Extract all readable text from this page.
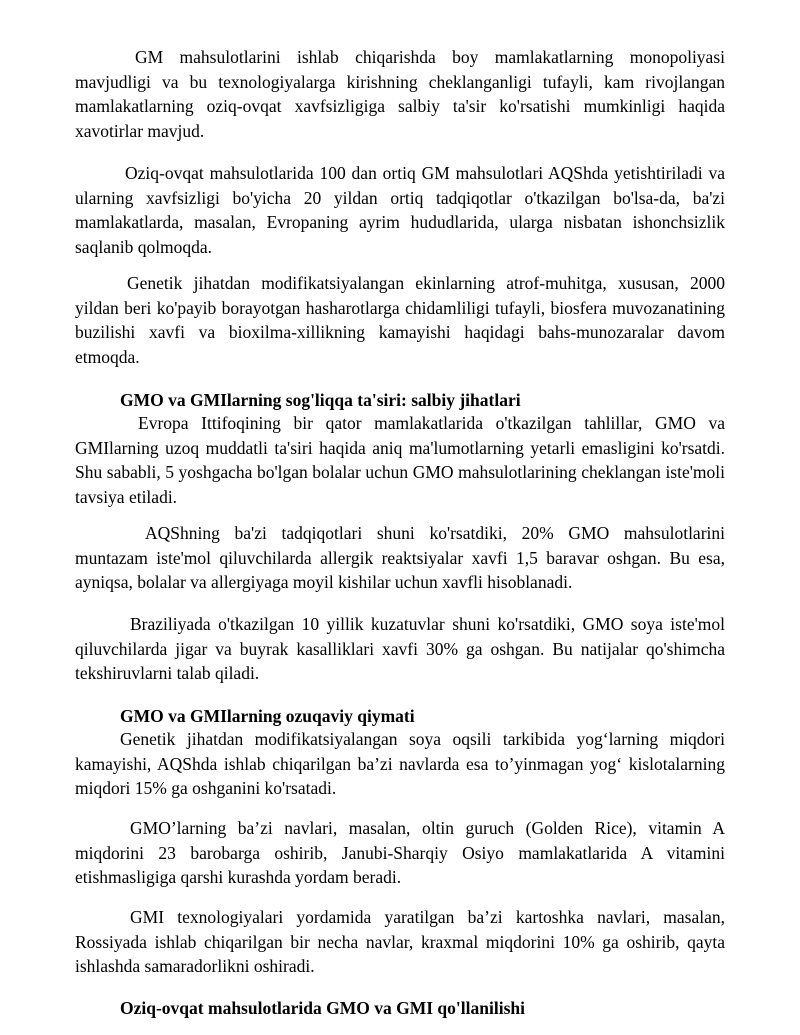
GM mahsulotlarini ishlab chiqarishda boy mamlakatlarning monopoliyasi mavjudligi va bu texnologiyalarga kirishning cheklanganligi tufayli, kam rivojlangan mamlakatlarning oziq-ovqat xavfsizligiga salbiy ta'sir ko'rsatishi mumkinligi haqida xavotirlar mavjud.

Oziq-ovqat mahsulotlarida 100 dan ortiq GM mahsulotlari AQShda yetishtiriladi va ularning xavfsizligi bo'yicha 20 yildan ortiq tadqiqotlar o'tkazilgan bo'lsa-da, ba'zi mamlakatlarda, masalan, Evropaning ayrim hududlarida, ularga nisbatan ishonchsizlik saqlanib qolmoqda.

Genetik jihatdan modifikatsiyalangan ekinlarning atrof-muhitga, xususan, 2000 yildan beri ko'payib borayotgan hasharotlarga chidamliligi tufayli, biosfera muvozanatining buzilishi xavfi va bioxilma-xillikning kamayishi haqidagi bahs-munozaralar davom etmoqda.

GMO va GMIlarning sog'liqqa ta'siri: salbiy jihatlari

Evropa Ittifoqining bir qator mamlakatlarida o'tkazilgan tahlillar, GMO va GMIlarning uzoq muddatli ta'siri haqida aniq ma'lumotlarning yetarli emasligini ko'rsatdi. Shu sababli, 5 yoshgacha bo'lgan bolalar uchun GMO mahsulotlarining cheklangan iste'moli tavsiya etiladi.

AQShning ba'zi tadqiqotlari shuni ko'rsatdiki, 20% GMO mahsulotlarini muntazam iste'mol qiluvchilarda allergik reaktsiyalar xavfi 1,5 baravar oshgan. Bu esa, ayniqsa, bolalar va allergiyaga moyil kishilar uchun xavfli hisoblanadi.

Braziliyada o'tkazilgan 10 yillik kuzatuvlar shuni ko'rsatdiki, GMO soya iste'mol qiluvchilarda jigar va buyrak kasalliklari xavfi 30% ga oshgan. Bu natijalar qo'shimcha tekshiruvlarni talab qiladi.

GMO va GMIlarning ozuqaviy qiymati

Genetik jihatdan modifikatsiyalangan soya oqsili tarkibida yog‘larning miqdori kamayishi, AQShda ishlab chiqarilgan ba’zi navlarda esa to’yinmagan yog‘ kislotalarning miqdori 15% ga oshganini ko'rsatadi.

GMO’larning ba’zi navlari, masalan, oltin guruch (Golden Rice), vitamin A miqdorini 23 barobarga oshirib, Janubi-Sharqiy Osiyo mamlakatlarida A vitamini etishmasligiga qarshi kurashda yordam beradi.

GMI texnologiyalari yordamida yaratilgan ba’zi kartoshka navlari, masalan, Rossiyada ishlab chiqarilgan bir necha navlar, kraxmal miqdorini 10% ga oshirib, qayta ishlashda samaradorlikni oshiradi.

Oziq-ovqat mahsulotlarida GMO va GMI qo'llanilishi
